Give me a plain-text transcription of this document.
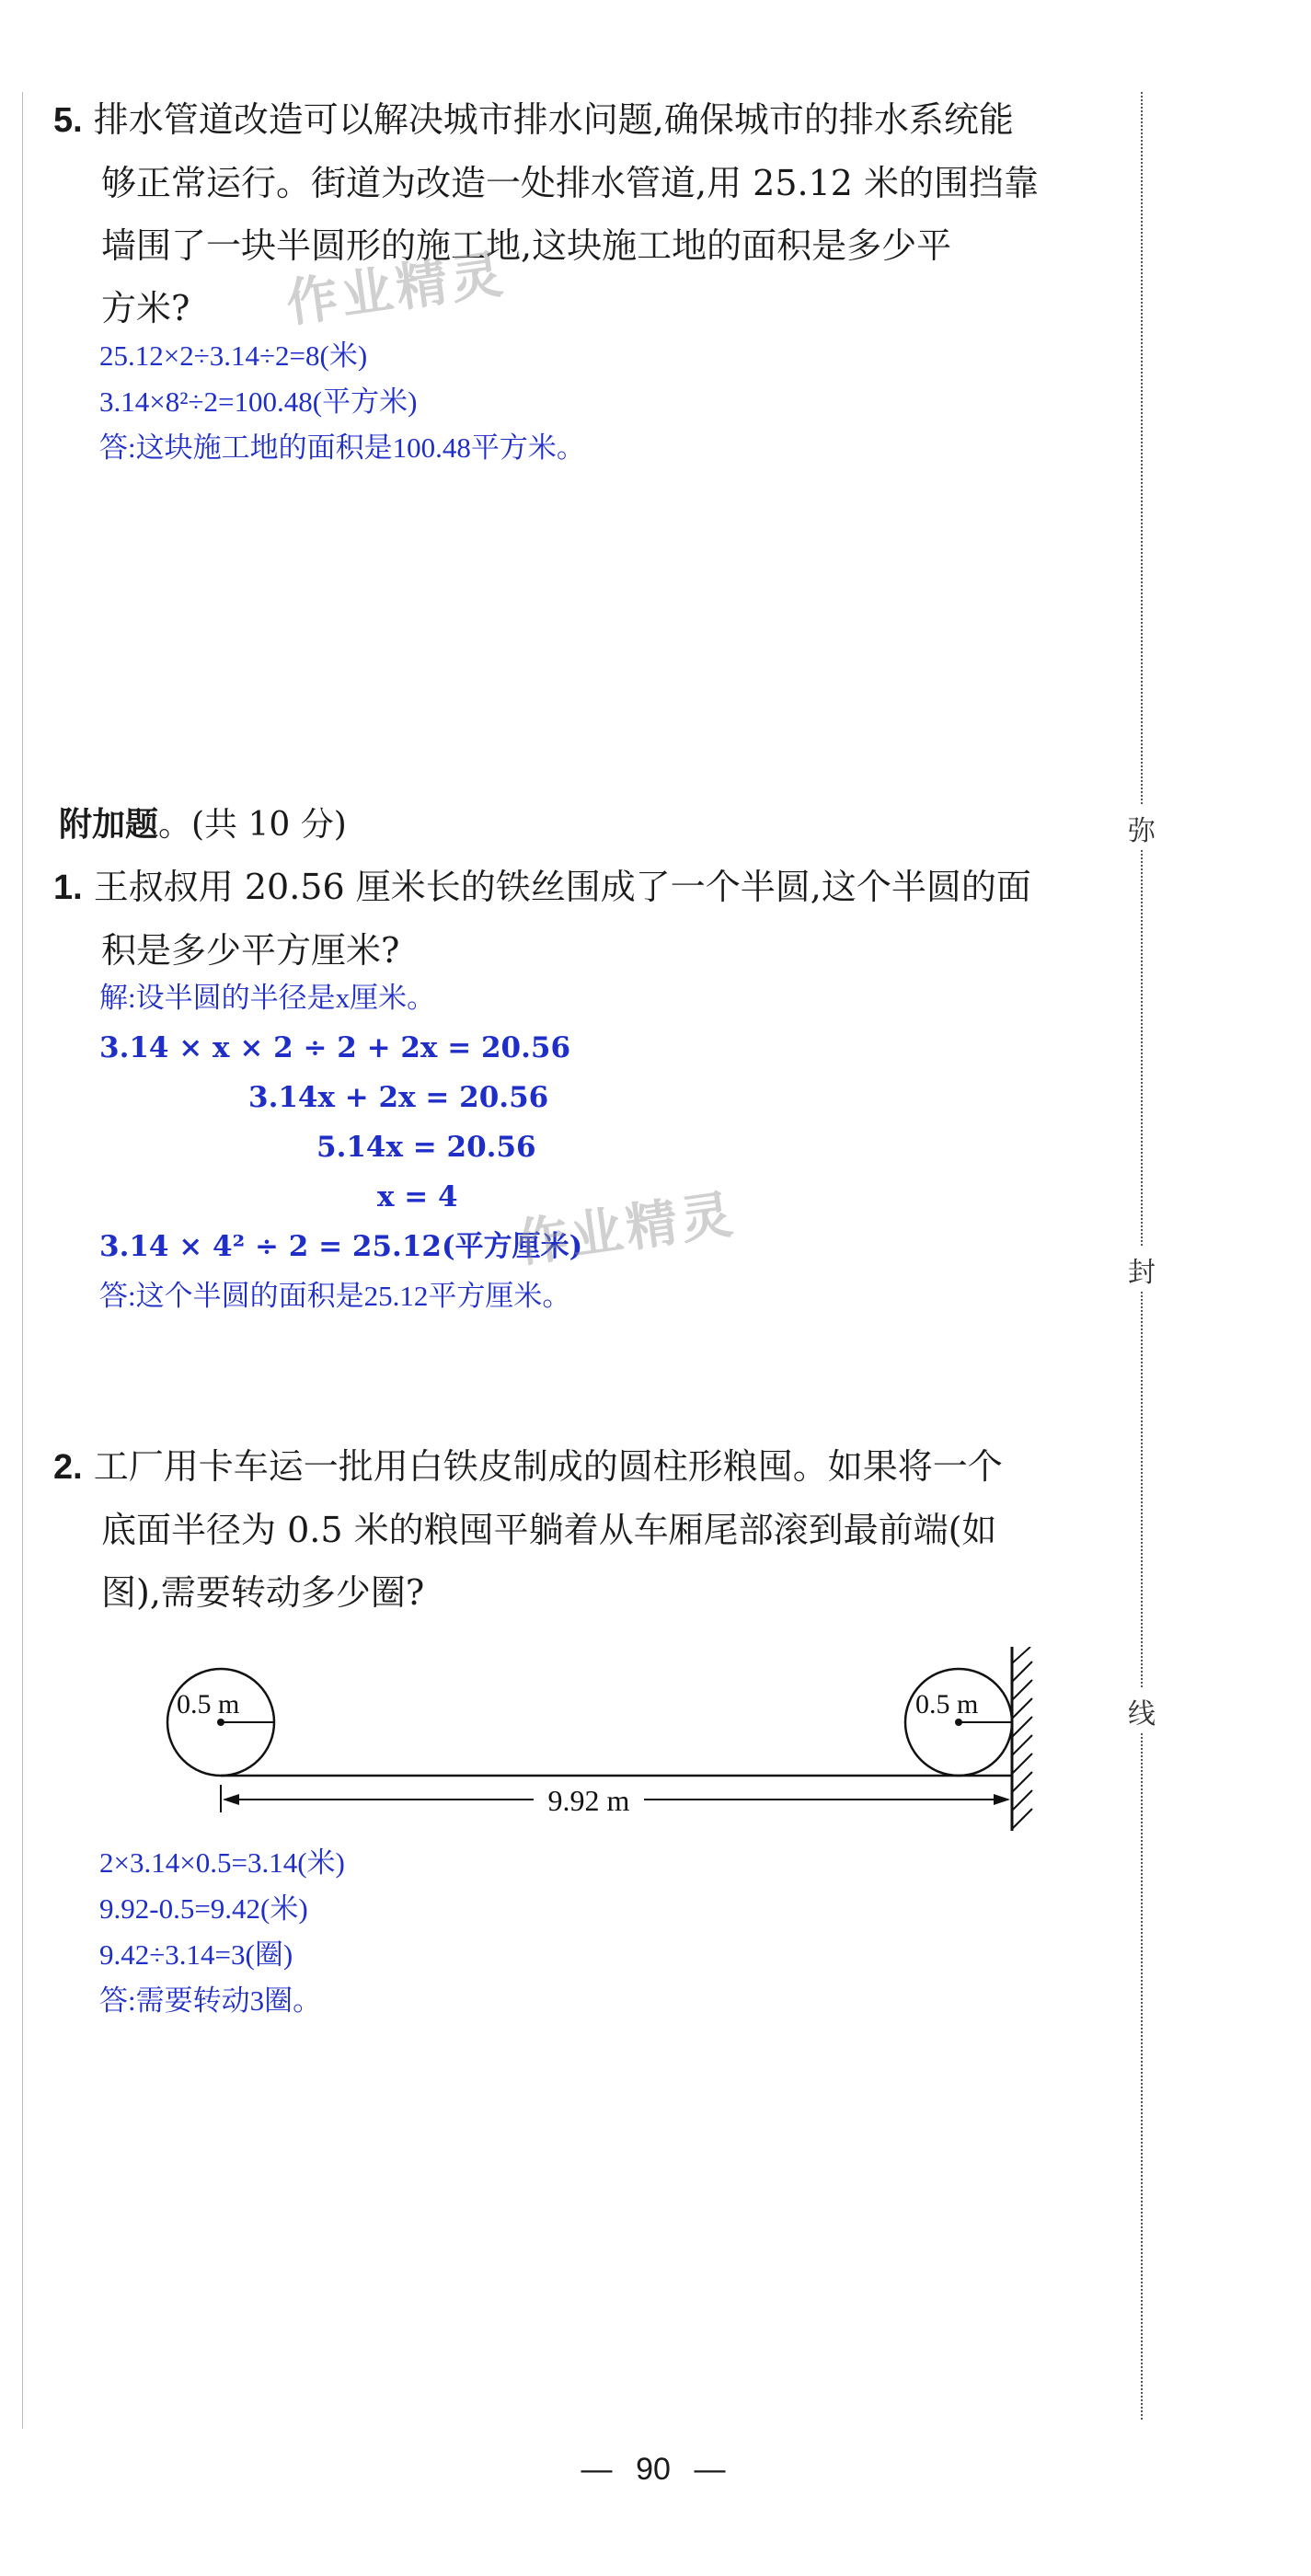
5. 排水管道改造可以解决城市排水问题,确保城市的排水系统能
够正常运行。街道为改造一处排水管道,用 25.12 米的围挡靠
墙围了一块半圆形的施工地,这块施工地的面积是多少平
方米?	作业精灵
25.12×2÷3.14÷2=8(米)
3.14×8²÷2=100.48(平方米)
答:这块施工地的面积是100.48平方米。
附加题。(共 10 分)
1. 王叔叔用 20.56 厘米长的铁丝围成了一个半圆,这个半圆的面
积是多少平方厘米?
解:设半圆的半径是x厘米。
3.14 × x × 2 ÷ 2 + 2x = 20.56
3.14x + 2x = 20.56
5.14x = 20.56
x = 4
3.14 × 4² ÷ 2 = 25.12(平方厘米)
答:这个半圆的面积是25.12平方厘米。
作业精灵
2. 工厂用卡车运一批用白铁皮制成的圆柱形粮囤。如果将一个
底面半径为 0.5 米的粮囤平躺着从车厢尾部滚到最前端(如
图),需要转动多少圈?
0.5 m	0.5 m
9.92 m
2×3.14×0.5=3.14(米)
9.92-0.5=9.42(米)
9.42÷3.14=3(圈)
答:需要转动3圈。
弥
封
线
— 90 —
